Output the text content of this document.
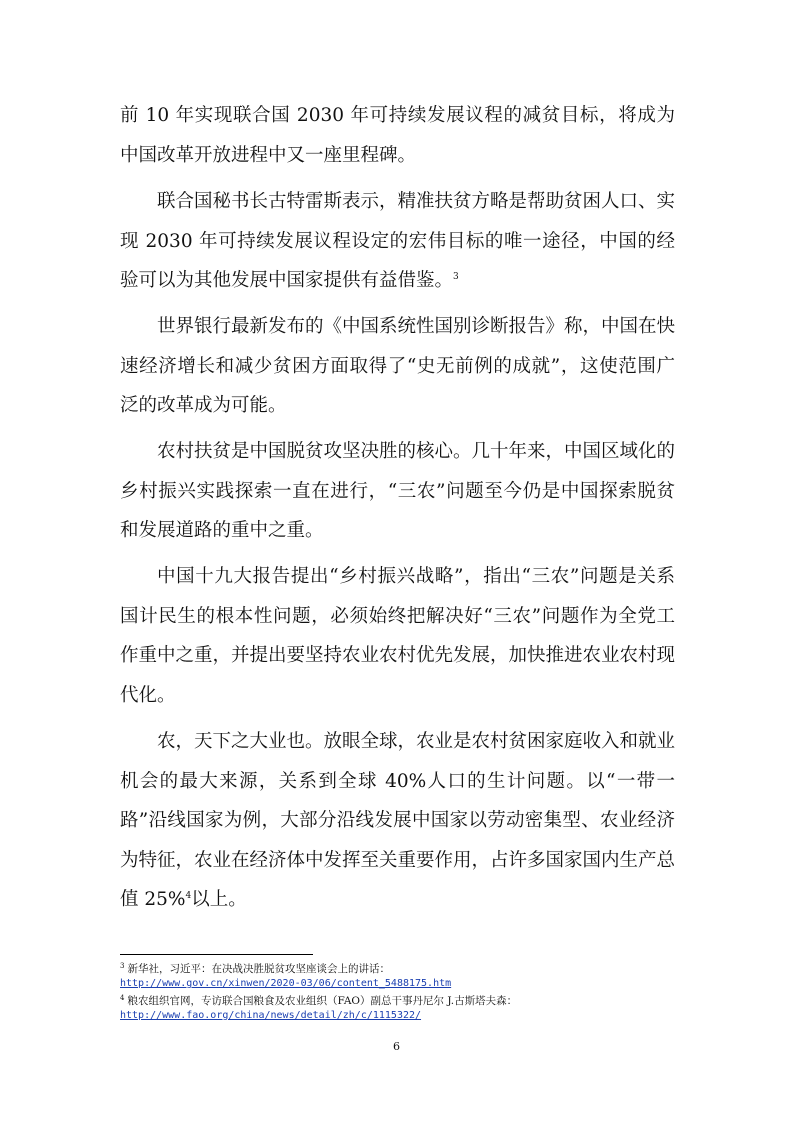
前 10 年实现联合国 2030 年可持续发展议程的减贫目标，将成为中国改革开放进程中又一座里程碑。

联合国秘书长古特雷斯表示，精准扶贫方略是帮助贫困人口、实现 2030 年可持续发展议程设定的宏伟目标的唯一途径，中国的经验可以为其他发展中国家提供有益借鉴。$^3$

世界银行最新发布的《中国系统性国别诊断报告》称，中国在快速经济增长和减少贫困方面取得了“史无前例的成就”，这使范围广泛的改革成为可能。

农村扶贫是中国脱贫攻坚决胜的核心。几十年来，中国区域化的乡村振兴实践探索一直在进行，“三农”问题至今仍是中国探索脱贫和发展道路的重中之重。

中国十九大报告提出“乡村振兴战略”，指出“三农”问题是关系国计民生的根本性问题，必须始终把解决好“三农”问题作为全党工作重中之重，并提出要坚持农业农村优先发展，加快推进农业农村现代化。

农，天下之大业也。放眼全球，农业是农村贫困家庭收入和就业机会的最大来源，关系到全球 40%人口的生计问题。以“一带一路”沿线国家为例，大部分沿线发展中国家以劳动密集型、农业经济为特征，农业在经济体中发挥至关重要作用，占许多国家国内生产总值 25%$^4$以上。

$^3$ 新华社，习近平：在决战决胜脱贫攻坚座谈会上的讲话：
http://www.gov.cn/xinwen/2020-03/06/content_5488175.htm

$^4$ 粮农组织官网，专访联合国粮食及农业组织（FAO）副总干事丹尼尔 J.古斯塔夫森：
http://www.fao.org/china/news/detail/zh/c/1115322/

6
